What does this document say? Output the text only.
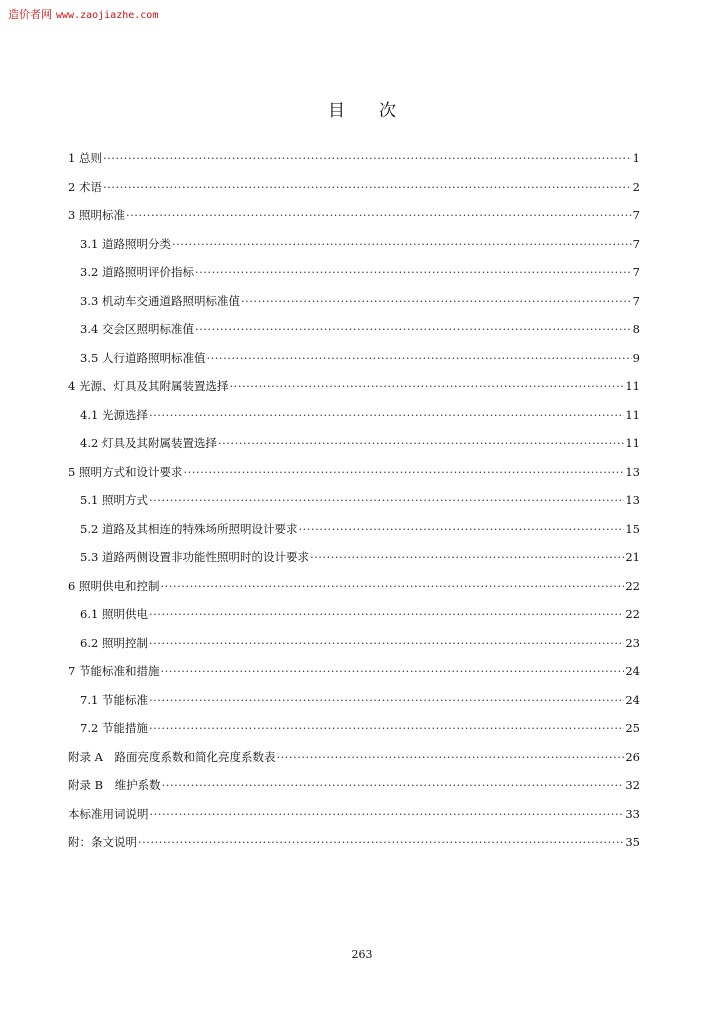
造价者网 www.zaojiazhe.com
目次
1 总则 ·····	1
2 术语 ·····	2
3 照明标准 ·····	7
3.1 道路照明分类 ·····	7
3.2 道路照明评价指标 ·····	7
3.3 机动车交通道路照明标准值 ·····	7
3.4 交会区照明标准值 ·····	8
3.5 人行道路照明标准值 ·····	9
4 光源、灯具及其附属装置选择 ·····	11
4.1 光源选择 ·····	11
4.2 灯具及其附属装置选择 ·····	11
5 照明方式和设计要求 ·····	13
5.1 照明方式 ·····	13
5.2 道路及其相连的特殊场所照明设计要求 ·····	15
5.3 道路两侧设置非功能性照明时的设计要求 ·····	21
6 照明供电和控制 ·····	22
6.1 照明供电 ·····	22
6.2 照明控制 ·····	23
7 节能标准和措施 ·····	24
7.1 节能标准 ·····	24
7.2 节能措施 ·····	25
附录 A　路面亮度系数和简化亮度系数表 ·····	26
附录 B　维护系数 ·····	32
本标准用词说明 ·····	33
附：条文说明 ·····	35
263
